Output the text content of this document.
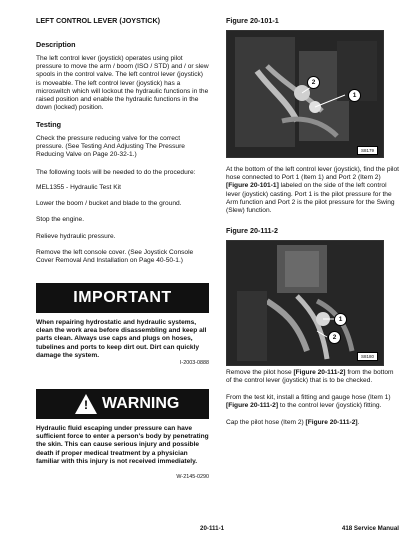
LEFT CONTROL LEVER (JOYSTICK)
Description
The left control lever (joystick) operates using pilot pressure to move the arm / boom (ISO / STD) and / or slew spools in the control valve. The left control lever (joystick) is moveable. The left control lever (joystick) has a microswitch which will lockout the hydraulic functions in the raised position and enable the hydraulic functions in the down (locked) position.
Testing
Check the pressure reducing valve for the correct pressure. (See Testing And Adjusting The Pressure Reducing Valve on Page 20-32-1.)
The following tools will be needed to do the procedure:
MEL1355 - Hydraulic Test Kit
Lower the boom / bucket and blade to the ground.
Stop the engine.
Relieve hydraulic pressure.
Remove the left console cover. (See Joystick Console Cover Removal And Installation on Page 40-50-1.)
IMPORTANT
When repairing hydrostatic and hydraulic systems, clean the work area before disassembling and keep all parts clean. Always use caps and plugs on hoses, tubelines and ports to keep dirt out. Dirt can quickly damage the system.
I-2003-0888
! WARNING
Hydraulic fluid escaping under pressure can have sufficient force to enter a person's body by penetrating the skin. This can cause serious injury and possible death if proper medical treatment by a physician familiar with this injury is not received immediately.
W-2145-0290
Figure 20-101-1
2
1
S8179
At the bottom of the left control lever (joystick), find the pilot hose connected to Port 1 (Item 1) and Port 2 (Item 2) [Figure 20-101-1] labeled on the side of the left control lever (joystick) casting. Port 1 is the pilot pressure for the Arm function and Port 2 is the pilot pressure for the Swing (Slew) function.
Figure 20-111-2
1
2
S8180
Remove the pilot hose [Figure 20-111-2] from the bottom of the control lever (joystick) that is to be checked.
From the test kit, install a fitting and gauge hose (Item 1) [Figure 20-111-2] to the control lever (joystick) fitting.
Cap the pilot hose (Item 2) [Figure 20-111-2].
20-111-1	418 Service Manual
